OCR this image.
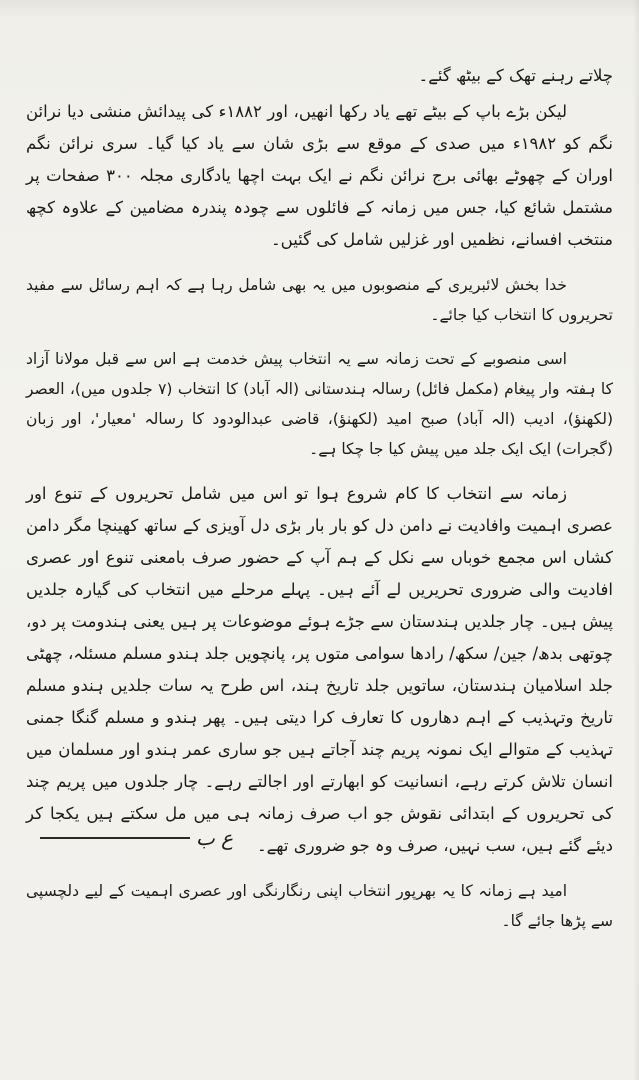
چلاتے رہنے تھک کے بیٹھ گئے۔

لیکن بڑے باپ کے بیٹے تھے یاد رکھا انھیں، اور ۱۸۸۲ء کی پیدائش منشی دیا نرائن نگم کو ۱۹۸۲ء میں صدی کے موقع سے بڑی شان سے یاد کیا گیا۔ سری نرائن نگم اوران کے چھوٹے بھائی برج نرائن نگم نے ایک بہت اچھا یادگاری مجلہ ۳۰۰ صفحات پر مشتمل شائع کیا، جس میں زمانہ کے فائلوں سے چودہ پندرہ مضامین کے علاوہ کچھ منتخب افسانے، نظمیں اور غزلیں شامل کی گئیں۔

خدا بخش لائبریری کے منصوبوں میں یہ بھی شامل رہا ہے کہ اہم رسائل سے مفید تحریروں کا انتخاب کیا جائے۔

اسی منصوبے کے تحت زمانہ سے یہ انتخاب پیش خدمت ہے اس سے قبل مولانا آزاد کا ہفتہ وار پیغام (مکمل فائل) رسالہ ہندستانی (الہ آباد) کا انتخاب (۷ جلدوں میں)، العصر (لکھنؤ)، ادیب (الہ آباد) صبح امید (لکھنؤ)، قاضی عبدالودود کا رسالہ 'معیار'، اور زبان (گجرات) ایک ایک جلد میں پیش کیا جا چکا ہے۔

زمانہ سے انتخاب کا کام شروع ہوا تو اس میں شامل تحریروں کے تنوع اور عصری اہمیت وافادیت نے دامن دل کو بار بار بڑی دل آویزی کے ساتھ کھینچا مگر دامن کشاں اس مجمع خوباں سے نکل کے ہم آپ کے حضور صرف بامعنی تنوع اور عصری افادیت والی ضروری تحریریں لے آئے ہیں۔ پہلے مرحلے میں انتخاب کی گیارہ جلدیں پیش ہیں۔ چار جلدیں ہندستان سے جڑے ہوئے موضوعات پر ہیں یعنی ہندومت پر دو، چوتھی بدھ/ جین/ سکھ/ رادھا سوامی متوں پر، پانچویں جلد ہندو مسلم مسئلہ، چھٹی جلد اسلامیان ہندستان، ساتویں جلد تاریخ ہند، اس طرح یہ سات جلدیں ہندو مسلم تاریخ وتہذیب کے اہم دھاروں کا تعارف کرا دیتی ہیں۔ پھر ہندو و مسلم گنگا جمنی تہذیب کے متوالے ایک نمونہ پریم چند آجاتے ہیں جو ساری عمر ہندو اور مسلمان میں انسان تلاش کرتے رہے، انسانیت کو ابھارتے اور اجالتے رہے۔ چار جلدوں میں پریم چند کی تحریروں کے ابتدائی نقوش جو اب صرف زمانہ ہی میں مل سکتے ہیں یکجا کر دیئے گئے ہیں، سب نہیں، صرف وہ جو ضروری تھے۔

امید ہے زمانہ کا یہ بھرپور انتخاب اپنی رنگارنگی اور عصری اہمیت کے لیے دلچسپی سے پڑھا جائے گا۔

ع ب
